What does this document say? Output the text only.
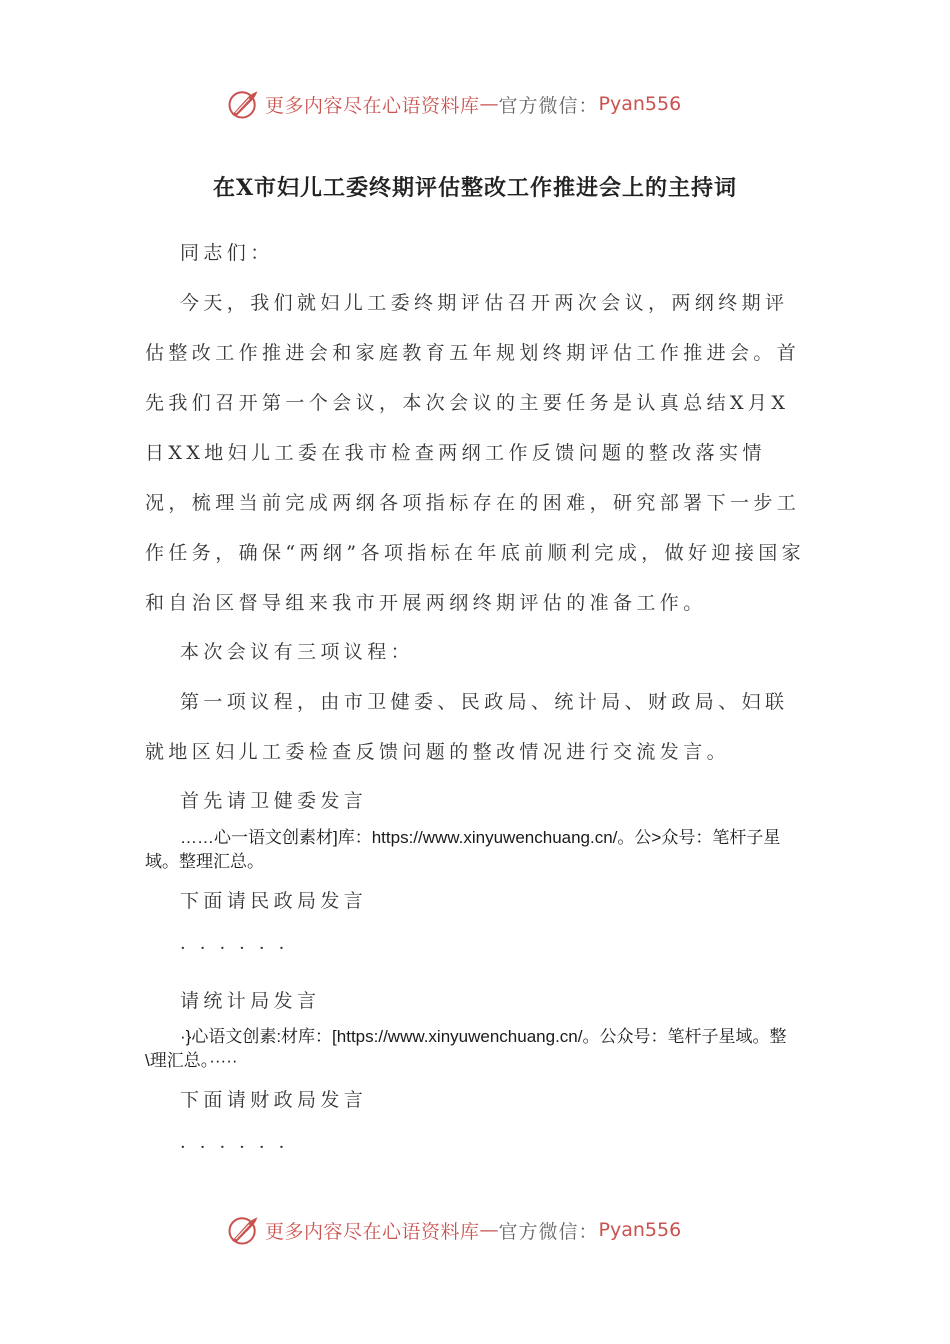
更多内容尽在心语资料库 — 官方微信： Pyan556
在X市妇儿工委终期评估整改工作推进会上的主持词

同志们：

今天，我们就妇儿工委终期评估召开两次会议，两纲终期评估整改工作推进会和家庭教育五年规划终期评估工作推进会。首先我们召开第一个会议，本次会议的主要任务是认真总结X月X日XX地妇儿工委在我市检查两纲工作反馈问题的整改落实情况，梳理当前完成两纲各项指标存在的困难，研究部署下一步工作任务，确保“两纲”各项指标在年底前顺利完成，做好迎接国家和自治区督导组来我市开展两纲终期评估的准备工作。

本次会议有三项议程：

第一项议程，由市卫健委、民政局、统计局、财政局、妇联就地区妇儿工委检查反馈问题的整改情况进行交流发言。

首先请卫健委发言

……心一语文创素材]库：https://www.xinyuwenchuang.cn/。公>众号：笔杆子星域。整理汇总。

下面请民政局发言

······

请统计局发言

·}心语文创素:材库：[https://www.xinyuwenchuang.cn/。公众号：笔杆子星域。整\理汇总。·····

下面请财政局发言

······

更多内容尽在心语资料库 — 官方微信： Pyan556
